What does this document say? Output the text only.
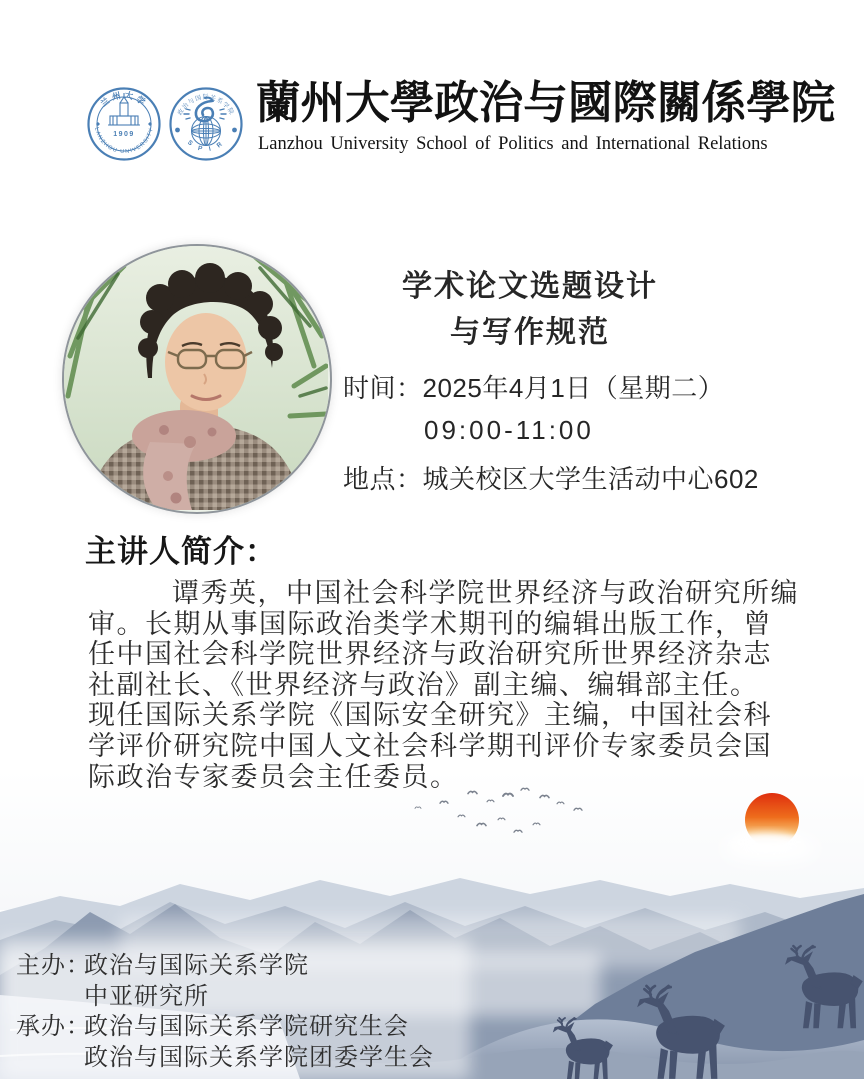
兰州大学
1909
LANZHOU UNIVERSITY
政治与国际关系学院
S P I R
蘭州大學政治与國際關係學院
Lanzhou University School of Politics and International Relations
学术论文选题设计
与写作规范
时间：2025年4月1日（星期二）
09:00-11:00
地点：城关校区大学生活动中心602
主讲人简介：
谭秀英，中国社会科学院世界经济与政治研究所编
审。长期从事国际政治类学术期刊的编辑出版工作，曾
任中国社会科学院世界经济与政治研究所世界经济杂志
社副社长、《世界经济与政治》副主编、编辑部主任。
现任国际关系学院《国际安全研究》主编，中国社会科
学评价研究院中国人文社会科学期刊评价专家委员会国
际政治专家委员会主任委员。
主办：
政治与国际关系学院
中亚研究所
承办：
政治与国际关系学院研究生会
政治与国际关系学院团委学生会
